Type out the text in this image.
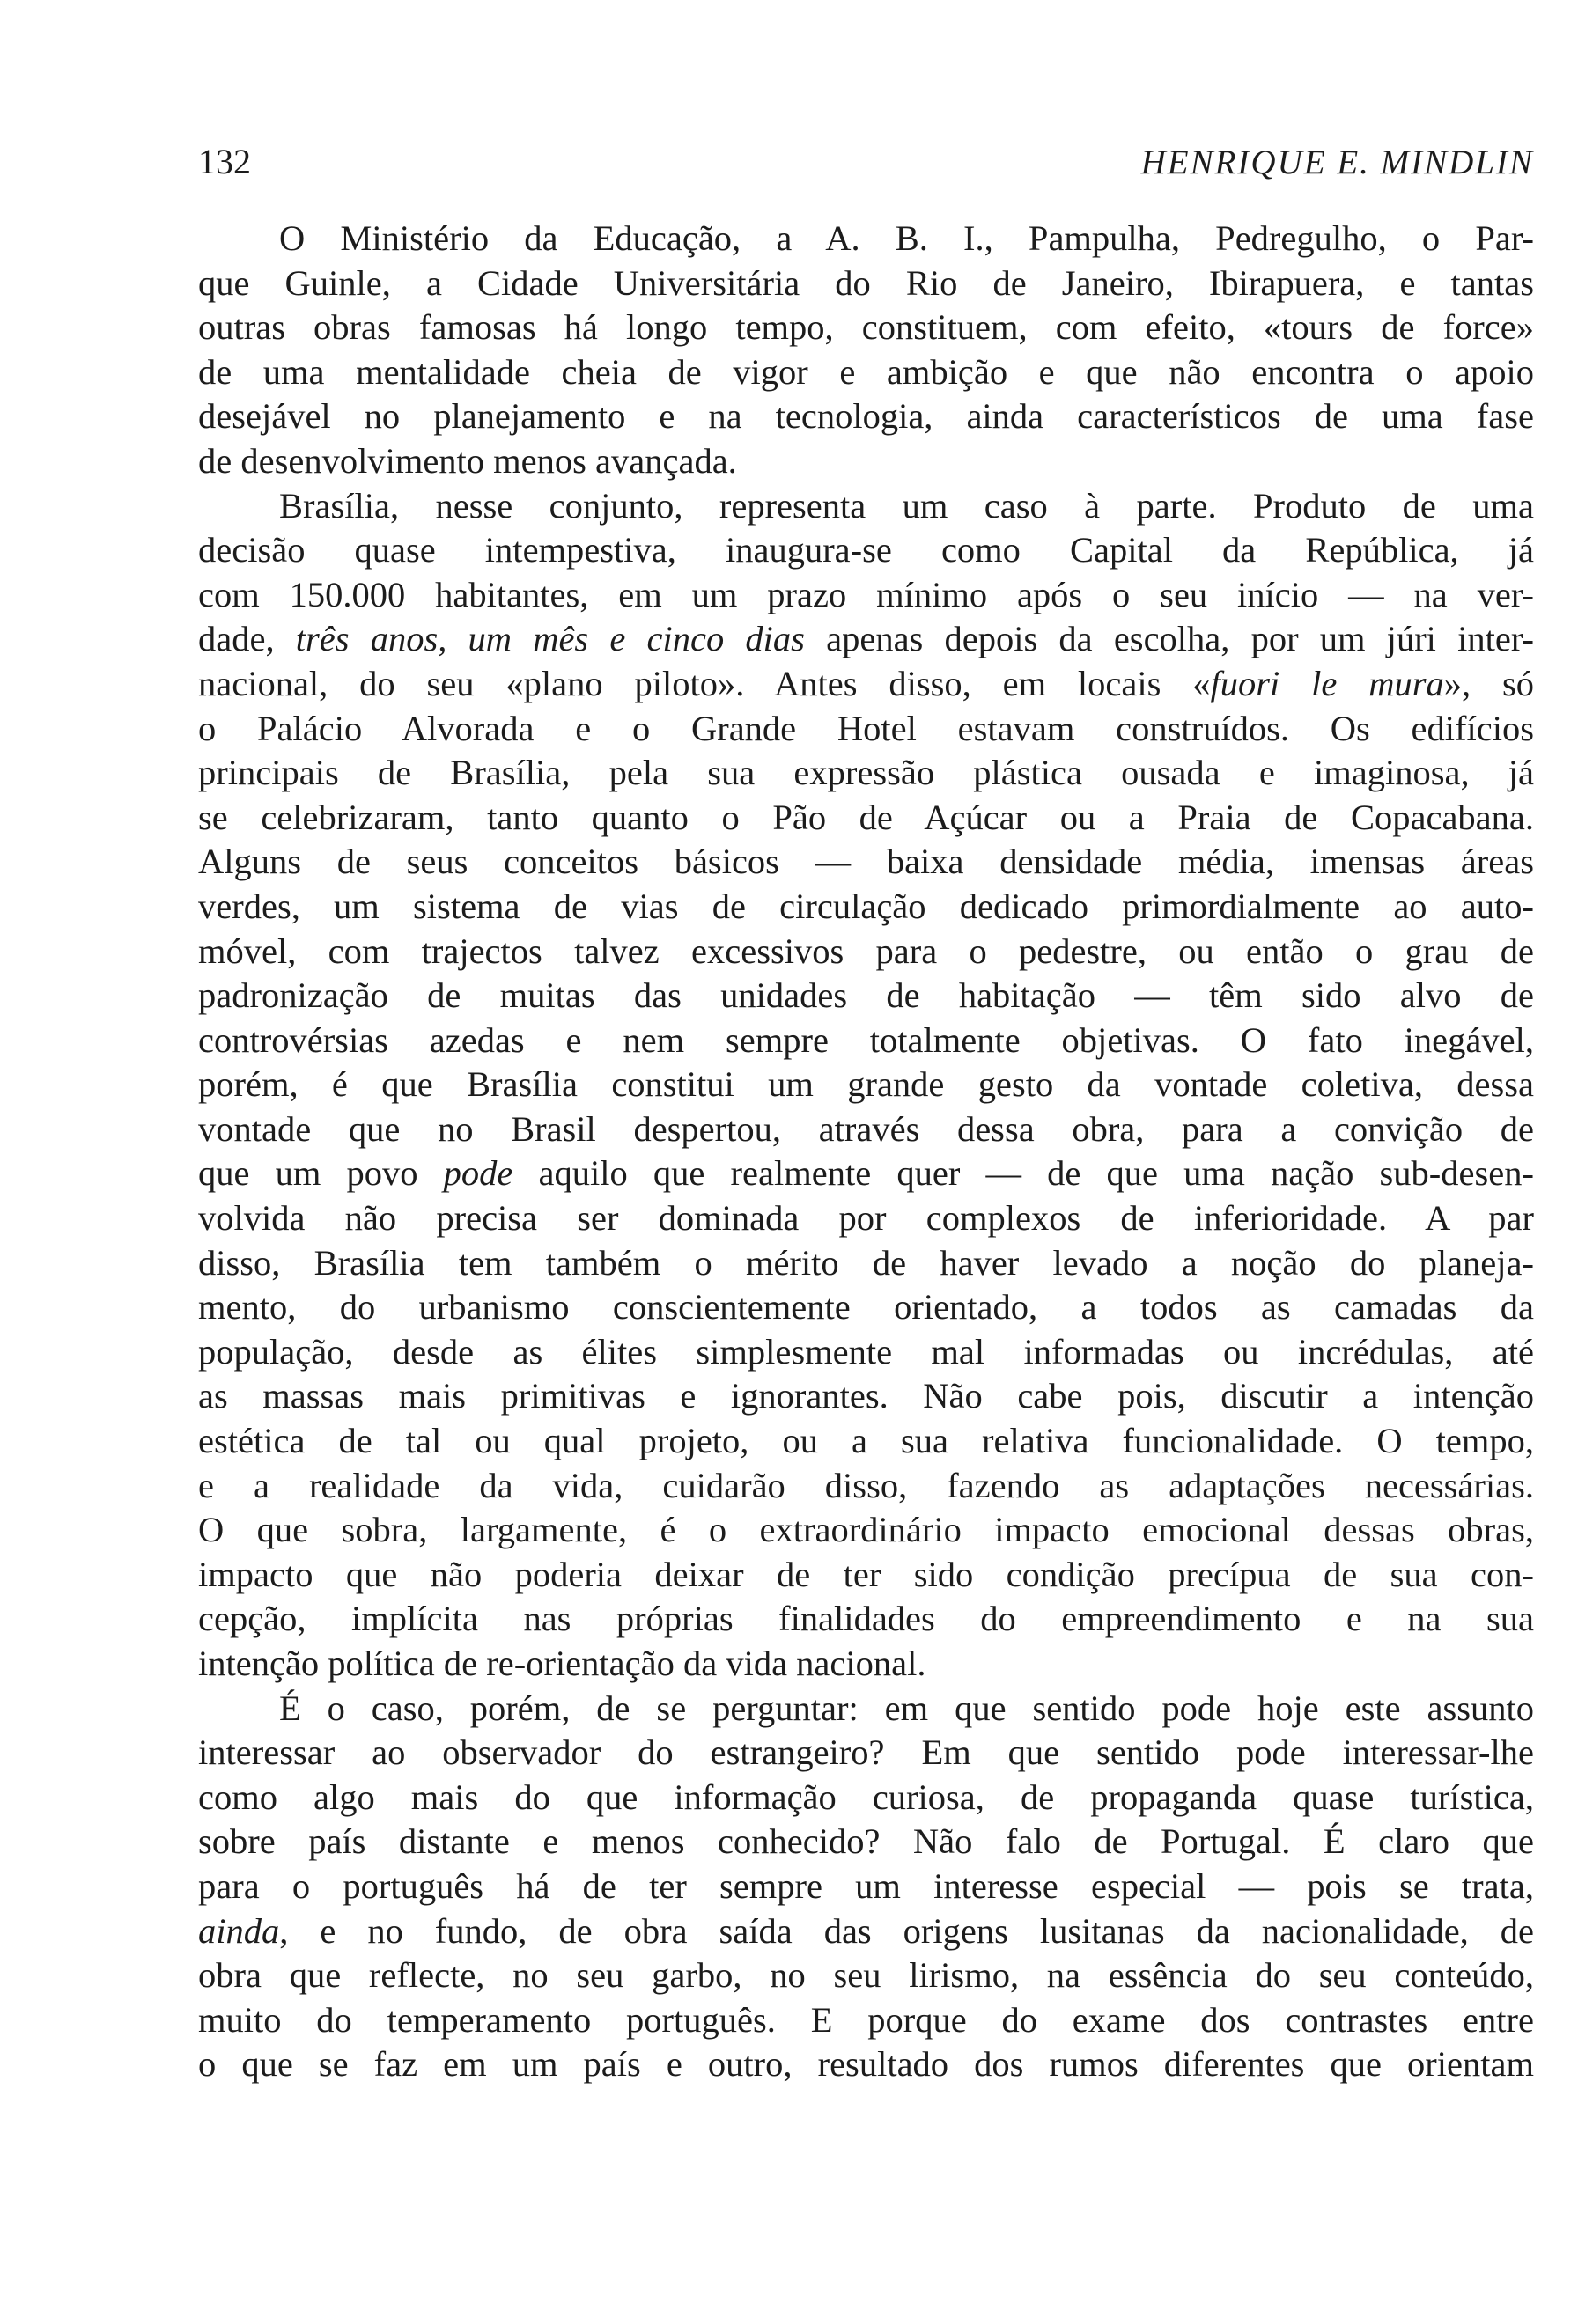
132	HENRIQUE E. MINDLIN

O Ministério da Educação, a A. B. I., Pampulha, Pedregulho, o Par-
que Guinle, a Cidade Universitária do Rio de Janeiro, Ibirapuera, e tantas
outras obras famosas há longo tempo, constituem, com efeito, «tours de force»
de uma mentalidade cheia de vigor e ambição e que não encontra o apoio
desejável no planejamento e na tecnologia, ainda característicos de uma fase
de desenvolvimento menos avançada.

Brasília, nesse conjunto, representa um caso à parte. Produto de uma
decisão quase intempestiva, inaugura-se como Capital da República, já
com 150.000 habitantes, em um prazo mínimo após o seu início — na ver-
dade, três anos, um mês e cinco dias apenas depois da escolha, por um júri inter-
nacional, do seu «plano piloto». Antes disso, em locais «fuori le mura», só
o Palácio Alvorada e o Grande Hotel estavam construídos. Os edifícios
principais de Brasília, pela sua expressão plástica ousada e imaginosa, já
se celebrizaram, tanto quanto o Pão de Açúcar ou a Praia de Copacabana.
Alguns de seus conceitos básicos — baixa densidade média, imensas áreas
verdes, um sistema de vias de circulação dedicado primordialmente ao auto-
móvel, com trajectos talvez excessivos para o pedestre, ou então o grau de
padronização de muitas das unidades de habitação — têm sido alvo de
controvérsias azedas e nem sempre totalmente objetivas. O fato inegável,
porém, é que Brasília constitui um grande gesto da vontade coletiva, dessa
vontade que no Brasil despertou, através dessa obra, para a convição de
que um povo pode aquilo que realmente quer — de que uma nação sub-desen-
volvida não precisa ser dominada por complexos de inferioridade. A par
disso, Brasília tem também o mérito de haver levado a noção do planeja-
mento, do urbanismo conscientemente orientado, a todos as camadas da
população, desde as élites simplesmente mal informadas ou incrédulas, até
as massas mais primitivas e ignorantes. Não cabe pois, discutir a intenção
estética de tal ou qual projeto, ou a sua relativa funcionalidade. O tempo,
e a realidade da vida, cuidarão disso, fazendo as adaptações necessárias.
O que sobra, largamente, é o extraordinário impacto emocional dessas obras,
impacto que não poderia deixar de ter sido condição precípua de sua con-
cepção, implícita nas próprias finalidades do empreendimento e na sua
intenção política de re-orientação da vida nacional.

É o caso, porém, de se perguntar: em que sentido pode hoje este assunto
interessar ao observador do estrangeiro? Em que sentido pode interessar-lhe
como algo mais do que informação curiosa, de propaganda quase turística,
sobre país distante e menos conhecido? Não falo de Portugal. É claro que
para o português há de ter sempre um interesse especial — pois se trata,
ainda, e no fundo, de obra saída das origens lusitanas da nacionalidade, de
obra que reflecte, no seu garbo, no seu lirismo, na essência do seu conteúdo,
muito do temperamento português. E porque do exame dos contrastes entre
o que se faz em um país e outro, resultado dos rumos diferentes que orientam
